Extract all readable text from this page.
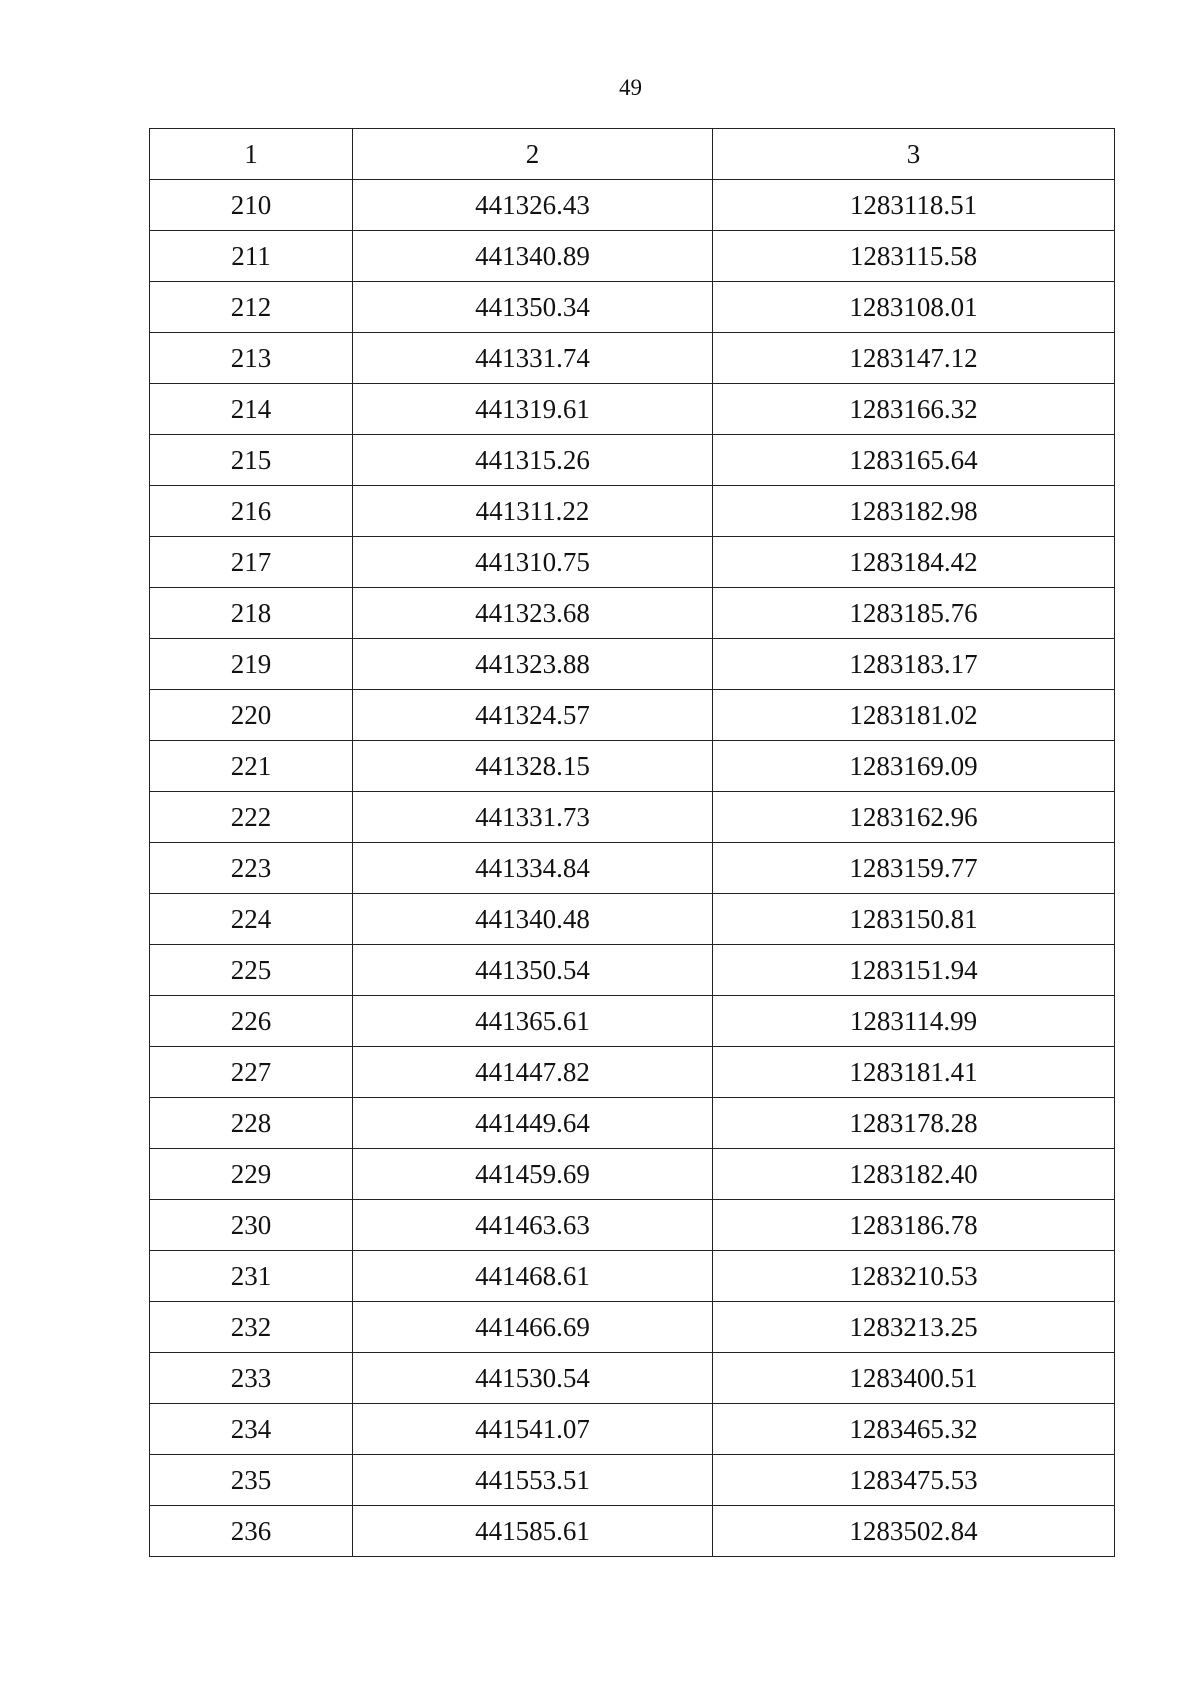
49
1	2	3
210	441326.43	1283118.51
211	441340.89	1283115.58
212	441350.34	1283108.01
213	441331.74	1283147.12
214	441319.61	1283166.32
215	441315.26	1283165.64
216	441311.22	1283182.98
217	441310.75	1283184.42
218	441323.68	1283185.76
219	441323.88	1283183.17
220	441324.57	1283181.02
221	441328.15	1283169.09
222	441331.73	1283162.96
223	441334.84	1283159.77
224	441340.48	1283150.81
225	441350.54	1283151.94
226	441365.61	1283114.99
227	441447.82	1283181.41
228	441449.64	1283178.28
229	441459.69	1283182.40
230	441463.63	1283186.78
231	441468.61	1283210.53
232	441466.69	1283213.25
233	441530.54	1283400.51
234	441541.07	1283465.32
235	441553.51	1283475.53
236	441585.61	1283502.84
